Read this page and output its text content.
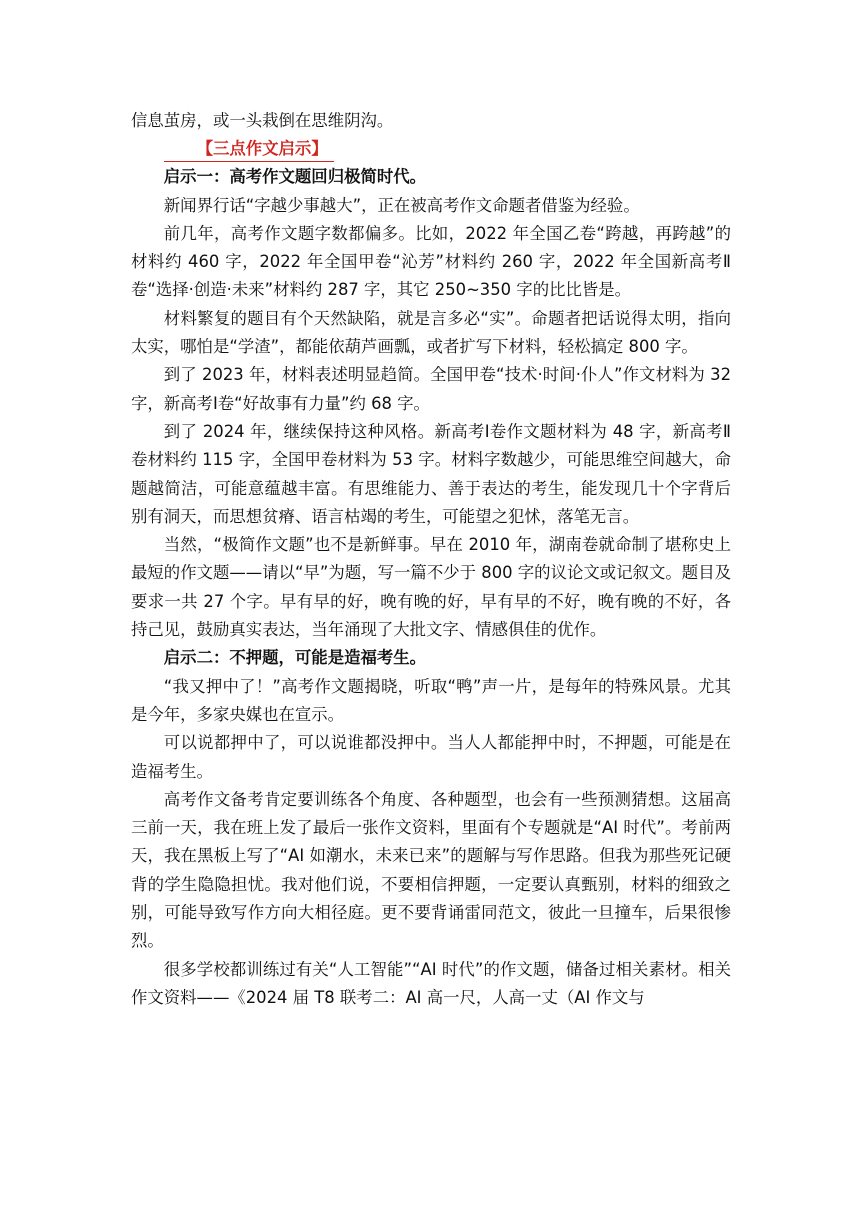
信息茧房，或一头栽倒在思维阴沟。

【三点作文启示】

启示一：高考作文题回归极简时代。

新闻界行话“字越少事越大”，正在被高考作文命题者借鉴为经验。

前几年，高考作文题字数都偏多。比如，2022 年全国乙卷“跨越，再跨越”的材料约 460 字，2022 年全国甲卷“沁芳”材料约 260 字，2022 年全国新高考Ⅱ卷“选择·创造·未来”材料约 287 字，其它 250~350 字的比比皆是。

材料繁复的题目有个天然缺陷，就是言多必“实”。命题者把话说得太明，指向太实，哪怕是“学渣”，都能依葫芦画瓢，或者扩写下材料，轻松搞定 800 字。

到了 2023 年，材料表述明显趋简。全国甲卷“技术·时间·仆人”作文材料为 32 字，新高考Ⅰ卷“好故事有力量”约 68 字。

到了 2024 年，继续保持这种风格。新高考Ⅰ卷作文题材料为 48 字，新高考Ⅱ卷材料约 115 字，全国甲卷材料为 53 字。材料字数越少，可能思维空间越大，命题越简洁，可能意蕴越丰富。有思维能力、善于表达的考生，能发现几十个字背后别有洞天，而思想贫瘠、语言枯竭的考生，可能望之犯怵，落笔无言。

当然，“极简作文题”也不是新鲜事。早在 2010 年，湖南卷就命制了堪称史上最短的作文题——请以“早”为题，写一篇不少于 800 字的议论文或记叙文。题目及要求一共 27 个字。早有早的好，晚有晚的好，早有早的不好，晚有晚的不好，各持己见，鼓励真实表达，当年涌现了大批文字、情感俱佳的优作。

启示二：不押题，可能是造福考生。

“我又押中了！”高考作文题揭晓，听取“鸭”声一片，是每年的特殊风景。尤其是今年，多家央媒也在宣示。

可以说都押中了，可以说谁都没押中。当人人都能押中时，不押题，可能是在造福考生。

高考作文备考肯定要训练各个角度、各种题型，也会有一些预测猜想。这届高三前一天，我在班上发了最后一张作文资料，里面有个专题就是“AI 时代”。考前两天，我在黑板上写了“AI 如潮水，未来已来”的题解与写作思路。但我为那些死记硬背的学生隐隐担忧。我对他们说，不要相信押题，一定要认真甄别，材料的细致之别，可能导致写作方向大相径庭。更不要背诵雷同范文，彼此一旦撞车，后果很惨烈。

很多学校都训练过有关“人工智能”“AI 时代”的作文题，储备过相关素材。相关作文资料——《2024 届 T8 联考二：AI 高一尺，人高一丈（AI 作文与
